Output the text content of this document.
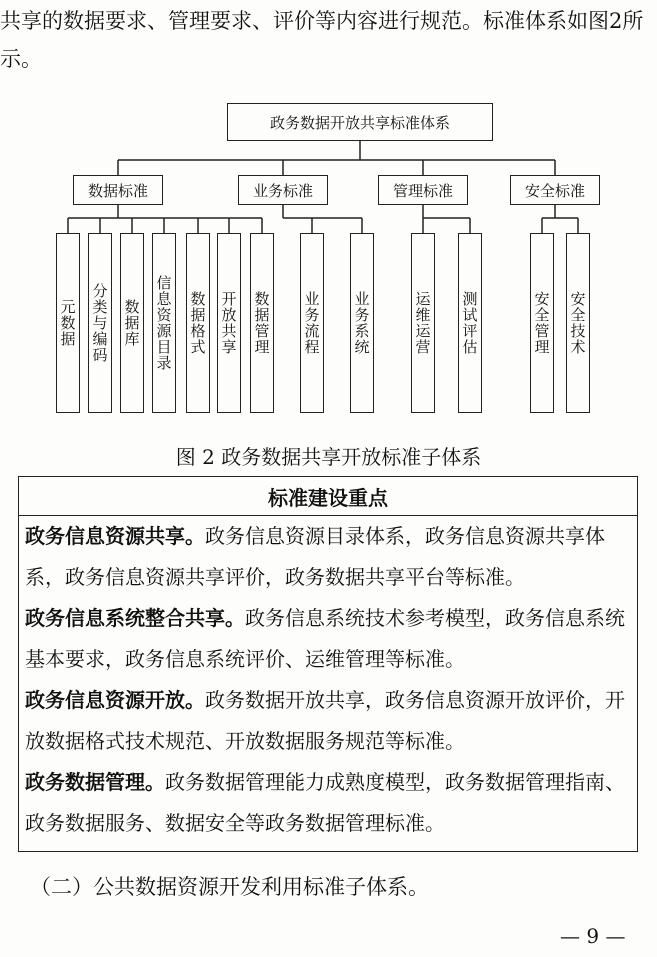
共享的数据要求、管理要求、评价等内容进行规范。标准体系如图2所示。
政务数据开放共享标准体系
数据标准	业务标准	管理标准	安全标准
元数据 分类与编码 数据库 信息资源目录 数据格式 开放共享 数据管理 业务流程 业务系统	运维运营 测试评估	安全管理 安全技术
图 2 政务数据共享开放标准子体系
标准建设重点
政务信息资源共享。政务信息资源目录体系，政务信息资源共享体系，政务信息资源共享评价，政务数据共享平台等标准。
政务信息系统整合共享。政务信息系统技术参考模型，政务信息系统基本要求，政务信息系统评价、运维管理等标准。
政务信息资源开放。政务数据开放共享，政务信息资源开放评价，开放数据格式技术规范、开放数据服务规范等标准。
政务数据管理。政务数据管理能力成熟度模型，政务数据管理指南、政务数据服务、数据安全等政务数据管理标准。
（二）公共数据资源开发利用标准子体系。
— 9 —
